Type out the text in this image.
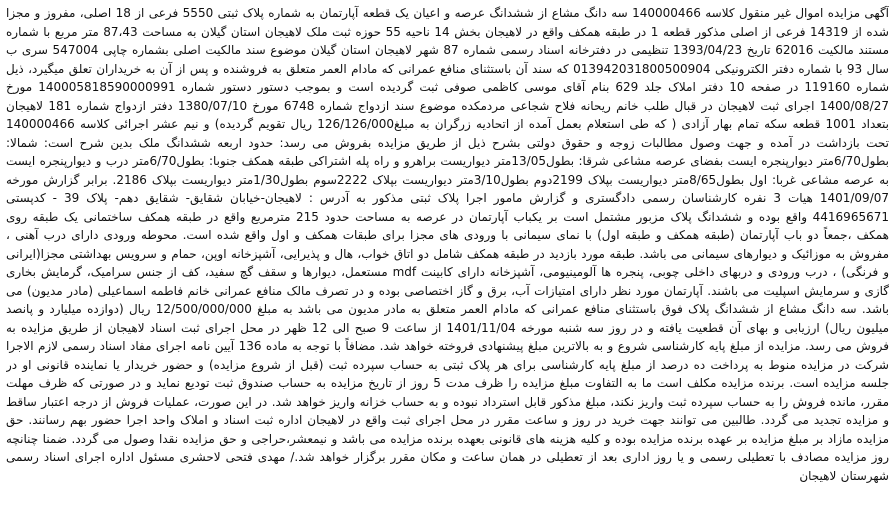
آگهی مزایده اموال غیر منقول کلاسه 140000466 سه دانگ مشاع از ششدانگ عرصه و اعیان یک قطعه آپارتمان به شماره پلاک ثبتی 5550 فرعی از 18 اصلی، مفروز و مجزا شده از 14319 فرعی از اصلی مذکور قطعه 1 در طبقه همکف واقع در لاهیجان بخش 14 ناحیه 55 حوزه ثبت ملک لاهیجان استان گیلان به مساحت 87،43 متر مربع با شماره مستند مالکیت 62016 تاریخ 1393/04/23 تنظیمی در دفترخانه اسناد رسمی شماره 87 شهر لاهیجان استان گیلان موضوع سند مالکیت اصلی بشماره چاپی 547004 سری ب سال 93 با شماره دفتر الکترونیکی 013942031800500904 که سند آن باستثنای منافع عمرانی که مادام العمر متعلق به فروشنده و پس از آن به خریداران تعلق میگیرد، ذیل شماره 119160 در صفحه 10 دفتر املاک جلد 629 بنام آقای موسی کاظمی صوفی ثبت گردیده است و بموجب دستور دستور شماره 140005818590000991 مورخ 1400/08/27 اجرای ثبت لاهیجان در قبال طلب خانم ریحانه فلاح شجاعی مردمکده موضوع سند ازدواج شماره 6748 مورخ 1380/07/10 دفتر ازدواج شماره 181 لاهیجان بتعداد 1001 قطعه سکه تمام بهار آزادی ( که طی استعلام بعمل آمده از اتحادیه زرگران به مبلغ126/126/000 ریال تقویم گردیده) و نیم عشر اجرائی کلاسه 140000466 تحت بازداشت در آمده و جهت وصول مطالبات زوجه و حقوق دولتی بشرح ذیل از طریق مزایده بفروش می رسد: حدود اربعه ششدانگ ملک بدین شرح است: شمالا: بطول6/70متر دیوارپنجره ایست بفضای عرصه مشاعی شرقا: بطول13/05متر دیواریست براهرو و راه پله اشتراکی طبقه همکف جنوبا: بطول6/70متر درب و دیوارپنجره ایست به عرصه مشاعی غربا: اول بطول8/65متر دیواریست بپلاک 2199دوم بطول3/10متر دیواریست بپلاک 2222سوم بطول1/30متر دیواریست بپلاک 2186. برابر گزارش مورخه 1401/09/07 هیات 3 نفره کارشناسان رسمی دادگستری و گزارش مامور اجرا پلاک ثبتی مذکور به آدرس : لاهیجان-خیابان شقایق- شقایق دهم- پلاک 39 - کدپستی 4416965671 واقع بوده و ششدانگ پلاک مزبور مشتمل است بر یکباب آپارتمان در عرصه به مساحت حدود 215 مترمربع واقع در طبقه همکف ساختمانی یک طبقه روی همکف ،جمعاً دو باب آپارتمان (طبقه همکف و طبقه اول) با نمای سیمانی با ورودی های مجزا برای طبقات همکف و اول واقع شده است. محوطه ورودی دارای درب آهنی ، مفروش به موزائیک و دیوارهای سیمانی می باشد. طبقه مورد بازدید در طبقه همکف شامل دو اتاق خواب، هال و پذیرایی، آشپزخانه اوپن، حمام و سرویس بهداشتی مجزا(ایرانی و فرنگی) ، درب ورودی و دربهای داخلی چوبی، پنجره ها آلومینیومی، آشپزخانه دارای کابینت mdf مستعمل، دیوارها و سقف گچ سفید، کف از جنس سرامیک، گرمایش بخاری گازی و سرمایش اسپلیت می باشند. آپارتمان مورد نظر دارای امتیازات آب، برق و گاز اختصاصی بوده و در تصرف مالک منافع عمرانی خانم فاطمه اسماعیلی (مادر مدیون) می باشد. سه دانگ مشاع از ششدانگ پلاک فوق باستثنای منافع عمرانی که مادام العمر متعلق به مادر مدیون می باشد به مبلغ 12/500/000/000 ریال (دوازده میلیارد و پانصد میلیون ریال) ارزیابی و بهای آن قطعیت یافته و در روز سه شنبه مورخه 1401/11/04 از ساعت 9 صبح الی 12 ظهر در محل اجرای ثبت اسناد لاهیجان از طریق مزایده به فروش می رسد. مزایده از مبلغ پایه کارشناسی شروع و به بالاترین مبلغ پیشنهادی فروخته خواهد شد. مضافاً با توجه به ماده 136 آیین نامه اجرای مفاد اسناد رسمی لازم الاجرا شرکت در مزایده منوط به پرداخت ده درصد از مبلغ پایه کارشناسی برای هر پلاک ثبتی به حساب سپرده ثبت (قبل از شروع مزایده) و حضور خریدار یا نماینده قانونی او در جلسه مزایده است. برنده مزایده مکلف است ما به التفاوت مبلغ مزایده را ظرف مدت 5 روز از تاریخ مزایده به حساب صندوق ثبت تودیع نماید و در صورتی که ظرف مهلت مقرر، مانده فروش را به حساب سپرده ثبت واریز نکند، مبلغ مذکور قابل استرداد نبوده و به حساب خزانه واریز خواهد شد. در این صورت، عملیات فروش از درجه اعتبار ساقط و مزایده تجدید می گردد. طالبین می توانند جهت خرید در روز و ساعت مقرر در محل اجرای ثبت واقع در لاهیجان اداره ثبت اسناد و املاک واحد اجرا حضور بهم رسانند. حق مزایده مازاد بر مبلغ مزایده بر عهده برنده مزایده بوده و کلیه هزینه های قانونی بعهده برنده مزایده می باشد و نیمعشر،حراجی و حق مزایده نقدا وصول می گردد. ضمنا چنانچه روز مزایده مصادف با تعطیلی رسمی و یا روز اداری بعد از تعطیلی در همان ساعت و مکان مقرر برگزار خواهد شد./ مهدی فتحی لاحشری مسئول اداره اجرای اسناد رسمی شهرستان لاهیجان
